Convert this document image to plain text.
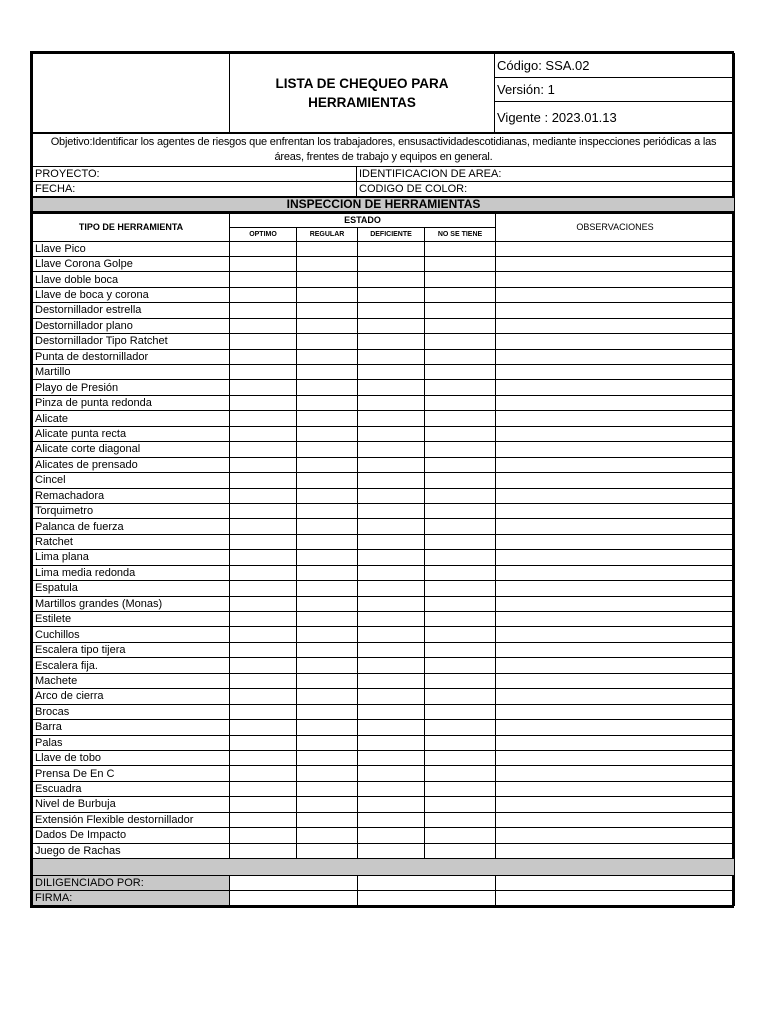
LISTA DE CHEQUEO PARA
HERRAMIENTAS
	Código: SSA.02
Versión: 1
Vigente : 2023.01.13
Objetivo:Identificar los agentes de riesgos que enfrentan los trabajadores, ensusactividadescotidianas, mediante inspecciones periódicas a las áreas, frentes de trabajo y equipos en general.	
PROYECTO:	IDENTIFICACION DE AREA:
FECHA:	CODIGO DE COLOR:
INSPECCION DE HERRAMIENTAS	
TIPO DE HERRAMIENTA	ESTADO				OBSERVACIONES
	OPTIMO	REGULAR	DEFICIENTE	NO SE TIENE	
Llave Pico					
Llave Corona Golpe					
Llave doble boca					
Llave de boca y corona					
Destornillador estrella					
Destornillador plano					
Destornillador Tipo Ratchet					
Punta de destornillador					
Martillo					
Playo de Presión					
Pinza de punta redonda					
Alicate					
Alicate punta recta					
Alicate corte diagonal					
Alicates de prensado					
Cincel					
Remachadora					
Torquimetro					
Palanca de fuerza					
Ratchet					
Lima plana					
Lima media redonda					
Espatula					
Martillos grandes (Monas)					
Estilete					
Cuchillos					
Escalera tipo tijera					
Escalera fija.					
Machete					
Arco de cierra					
Brocas					
Barra					
Palas					
Llave de tobo					
Prensa De En C					
Escuadra					
Nivel de Burbuja					
Extensión Flexible destornillador					
Dados De Impacto					
Juego de Rachas					

DILIGENCIADO POR:					
FIRMA:					
